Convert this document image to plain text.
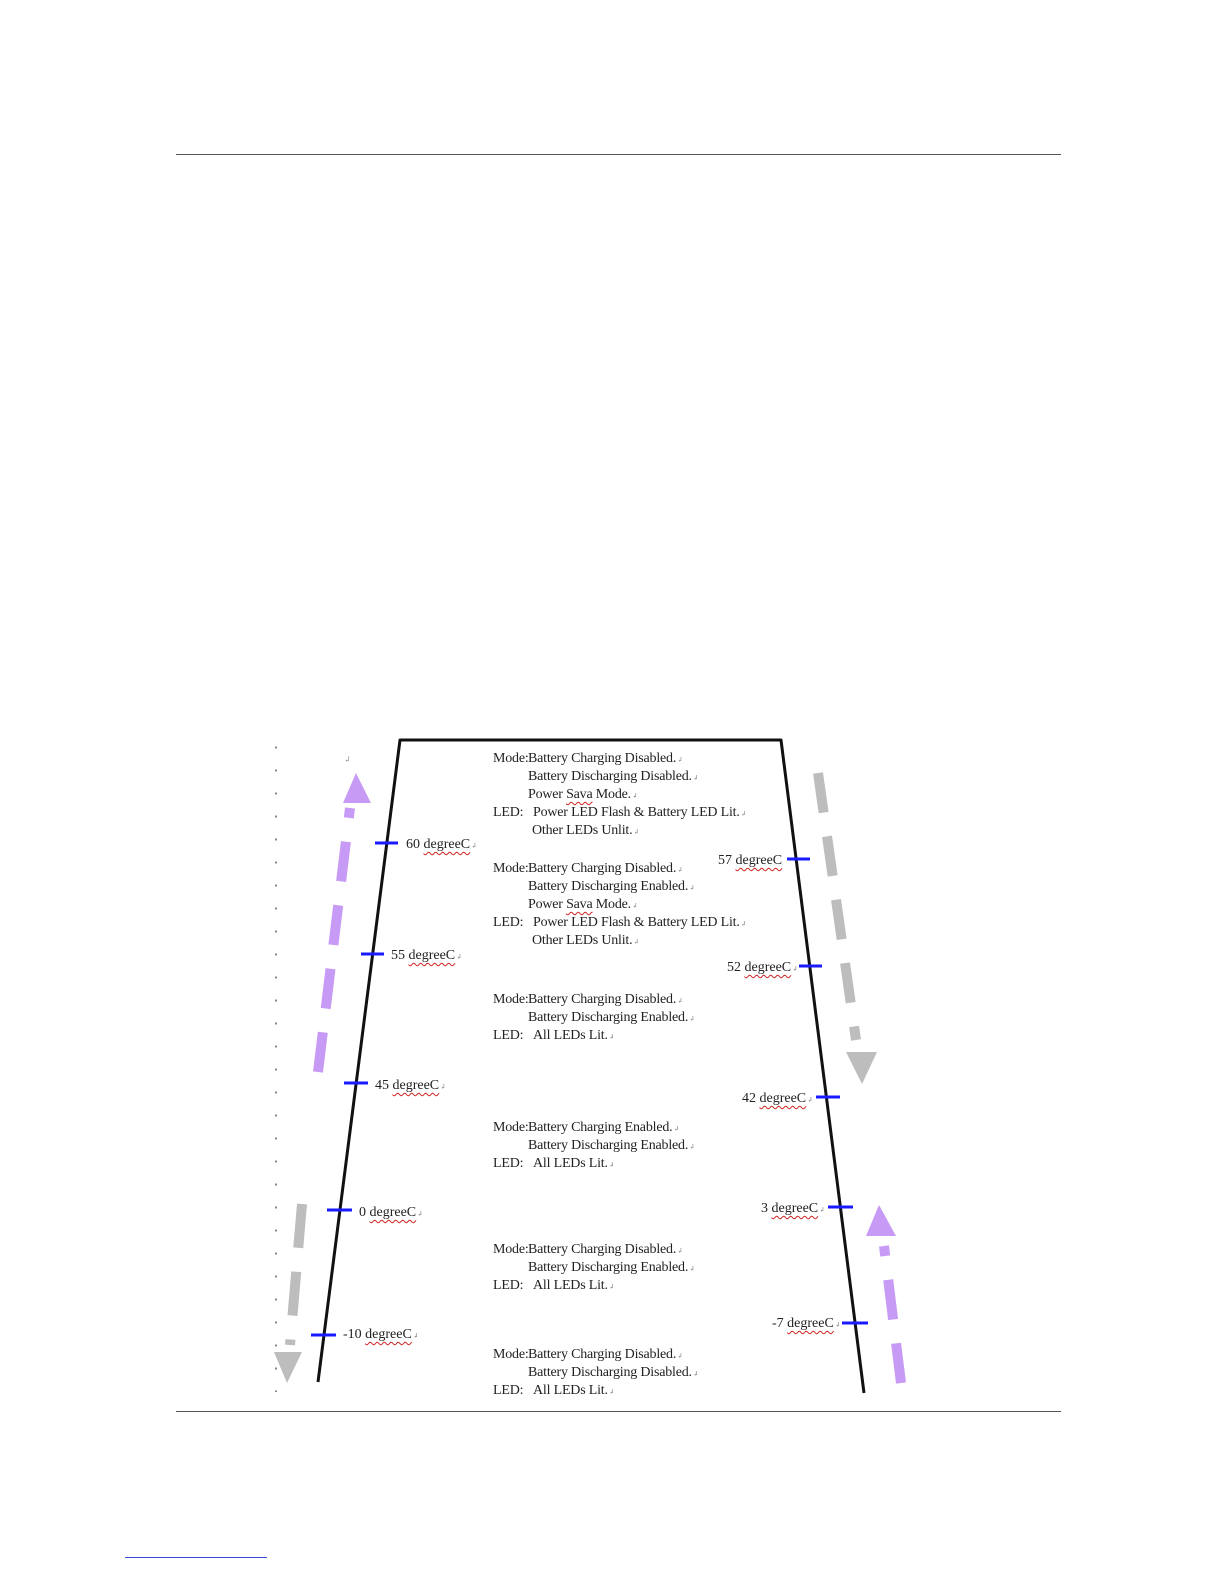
↲
60 degreeC↲
55 degreeC↲
45 degreeC↲
0 degreeC↲
-10 degreeC↲
57 degreeC
52 degreeC↲
42 degreeC↲
3 degreeC↲
-7 degreeC↲
Mode:Battery Charging Disabled.↲
Battery Discharging Disabled.↲
Power Sava Mode.↲
LED: Power LED Flash & Battery LED Lit.↲
Other LEDs Unlit.↲
Mode:Battery Charging Disabled.↲
Battery Discharging Enabled.↲
Power Sava Mode.↲
LED: Power LED Flash & Battery LED Lit.↲
Other LEDs Unlit.↲
Mode:Battery Charging Disabled.↲
Battery Discharging Enabled.↲
LED: All LEDs Lit.↲
Mode:Battery Charging Enabled.↲
Battery Discharging Enabled.↲
LED: All LEDs Lit.↲
Mode:Battery Charging Disabled.↲
Battery Discharging Enabled.↲
LED: All LEDs Lit.↲
Mode:Battery Charging Disabled.↲
Battery Discharging Disabled.↲
LED: All LEDs Lit.↲
